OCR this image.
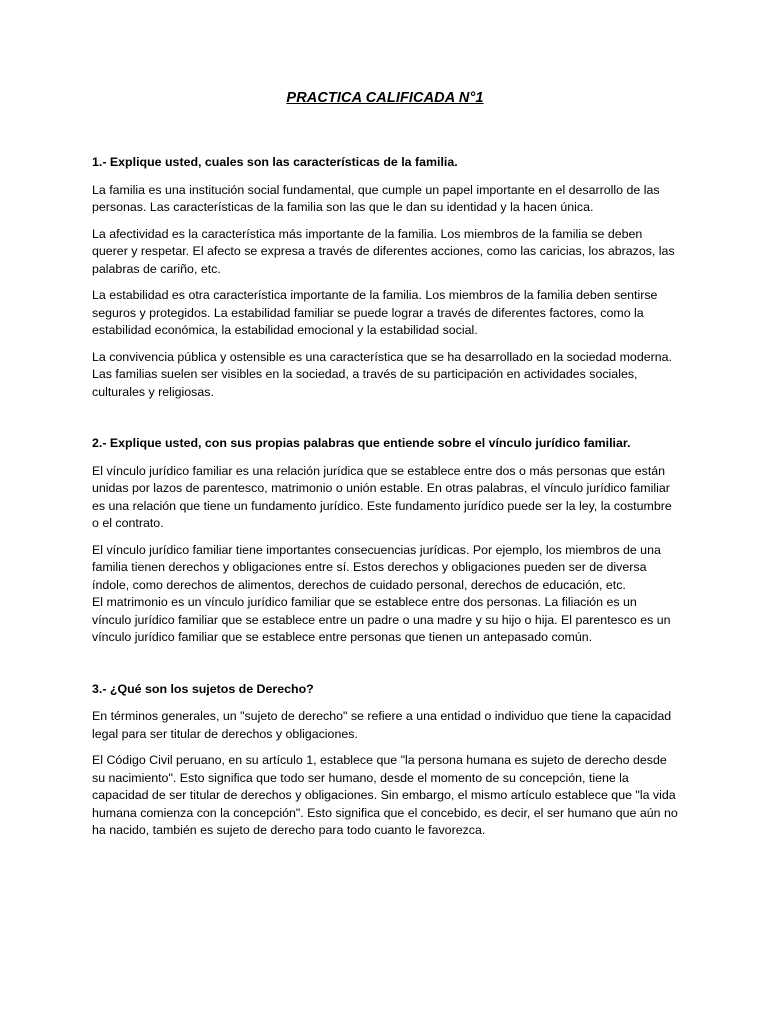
PRACTICA CALIFICADA N°1

1.- Explique usted, cuales son las características de la familia.

La familia es una institución social fundamental, que cumple un papel importante en el desarrollo de las personas. Las características de la familia son las que le dan su identidad y la hacen única.

La afectividad es la característica más importante de la familia. Los miembros de la familia se deben querer y respetar. El afecto se expresa a través de diferentes acciones, como las caricias, los abrazos, las palabras de cariño, etc.

La estabilidad es otra característica importante de la familia. Los miembros de la familia deben sentirse seguros y protegidos. La estabilidad familiar se puede lograr a través de diferentes factores, como la estabilidad económica, la estabilidad emocional y la estabilidad social.

La convivencia pública y ostensible es una característica que se ha desarrollado en la sociedad moderna. Las familias suelen ser visibles en la sociedad, a través de su participación en actividades sociales, culturales y religiosas.

2.- Explique usted, con sus propias palabras que entiende sobre el vínculo jurídico familiar.

El vínculo jurídico familiar es una relación jurídica que se establece entre dos o más personas que están unidas por lazos de parentesco, matrimonio o unión estable. En otras palabras, el vínculo jurídico familiar es una relación que tiene un fundamento jurídico. Este fundamento jurídico puede ser la ley, la costumbre o el contrato.

El vínculo jurídico familiar tiene importantes consecuencias jurídicas. Por ejemplo, los miembros de una familia tienen derechos y obligaciones entre sí. Estos derechos y obligaciones pueden ser de diversa índole, como derechos de alimentos, derechos de cuidado personal, derechos de educación, etc.

El matrimonio es un vínculo jurídico familiar que se establece entre dos personas. La filiación es un vínculo jurídico familiar que se establece entre un padre o una madre y su hijo o hija. El parentesco es un vínculo jurídico familiar que se establece entre personas que tienen un antepasado común.

3.- ¿Qué son los sujetos de Derecho?

En términos generales, un "sujeto de derecho" se refiere a una entidad o individuo que tiene la capacidad legal para ser titular de derechos y obligaciones.

El Código Civil peruano, en su artículo 1, establece que "la persona humana es sujeto de derecho desde su nacimiento". Esto significa que todo ser humano, desde el momento de su concepción, tiene la capacidad de ser titular de derechos y obligaciones. Sin embargo, el mismo artículo establece que "la vida humana comienza con la concepción". Esto significa que el concebido, es decir, el ser humano que aún no ha nacido, también es sujeto de derecho para todo cuanto le favorezca.
